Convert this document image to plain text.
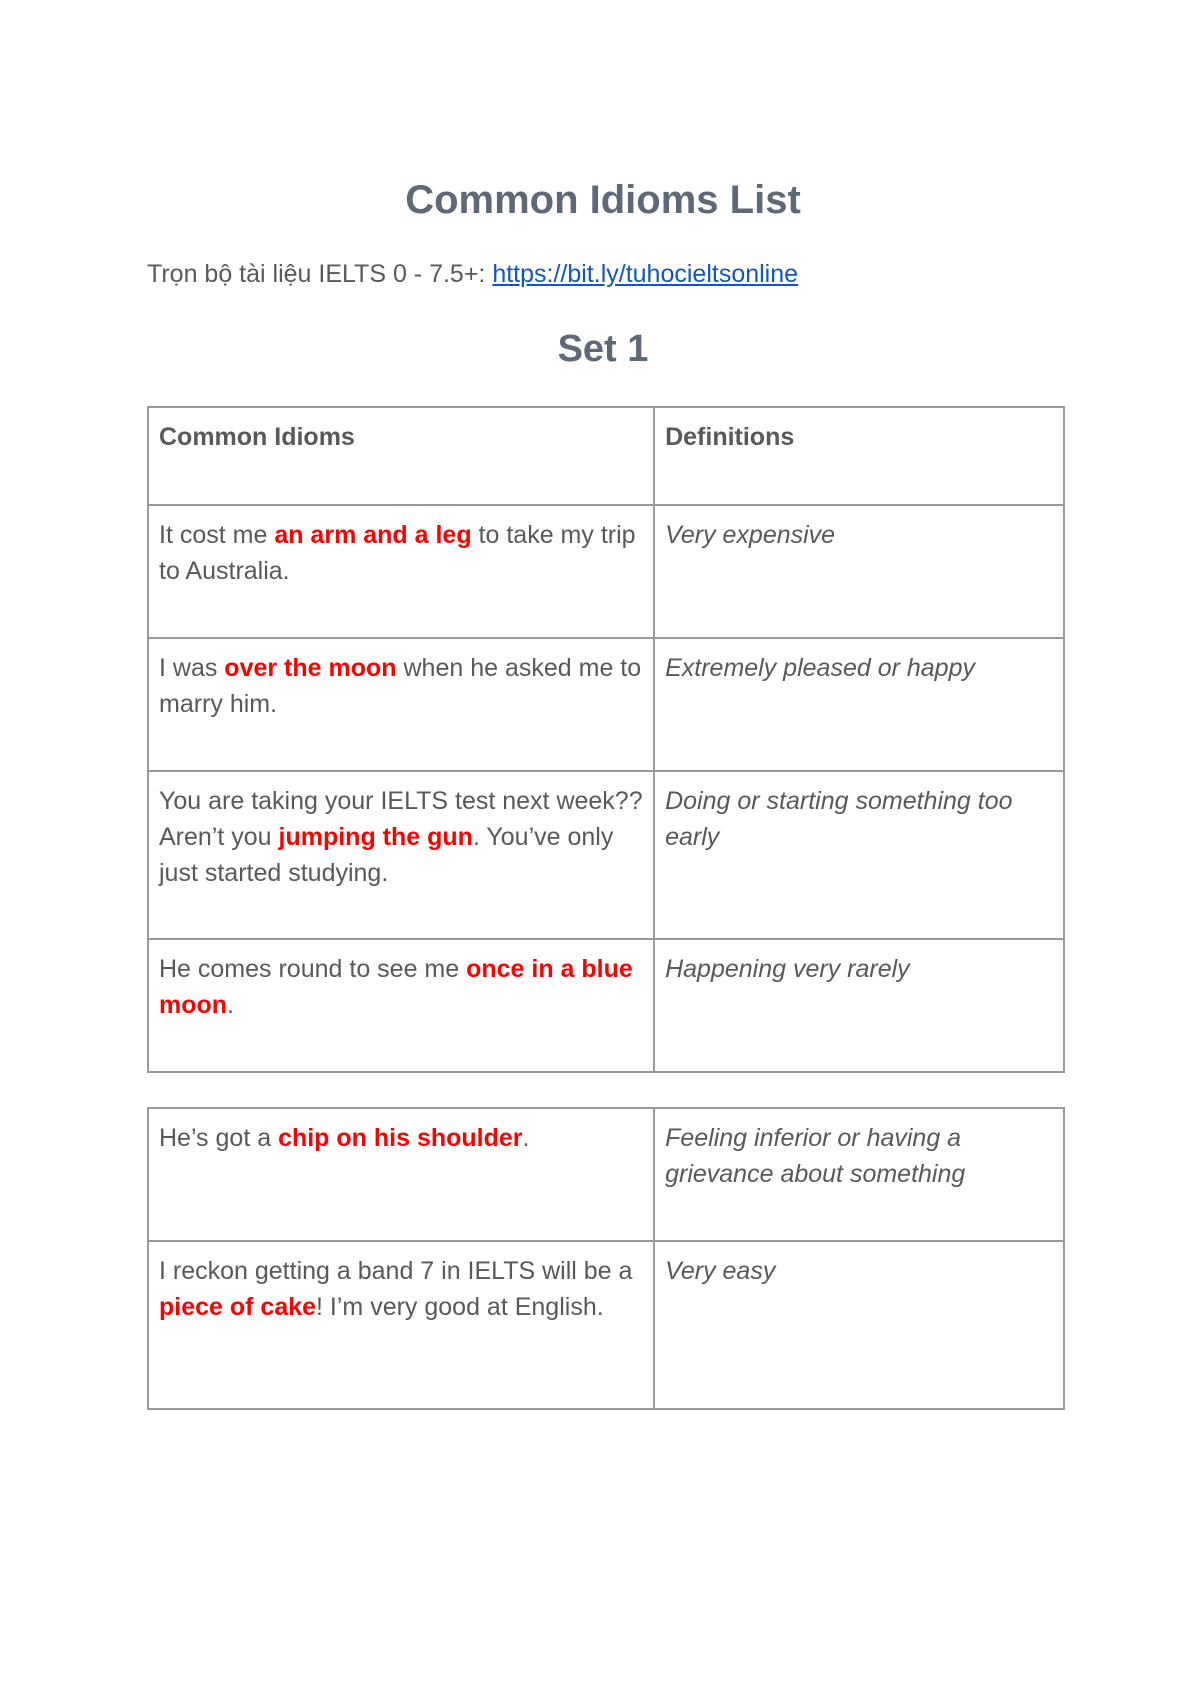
Common Idioms List
Trọn bộ tài liệu IELTS 0 - 7.5+: https://bit.ly/tuhocieltsonline
Set 1
Common Idioms	Definitions
It cost me an arm and a leg to take my trip to Australia.	Very expensive
I was over the moon when he asked me to marry him.	Extremely pleased or happy
You are taking your IELTS test next week?? Aren’t you jumping the gun. You’ve only just started studying.	Doing or starting something too early
He comes round to see me once in a blue moon.	Happening very rarely
He’s got a chip on his shoulder.	Feeling inferior or having a grievance about something
I reckon getting a band 7 in IELTS will be a piece of cake! I’m very good at English.	Very easy
